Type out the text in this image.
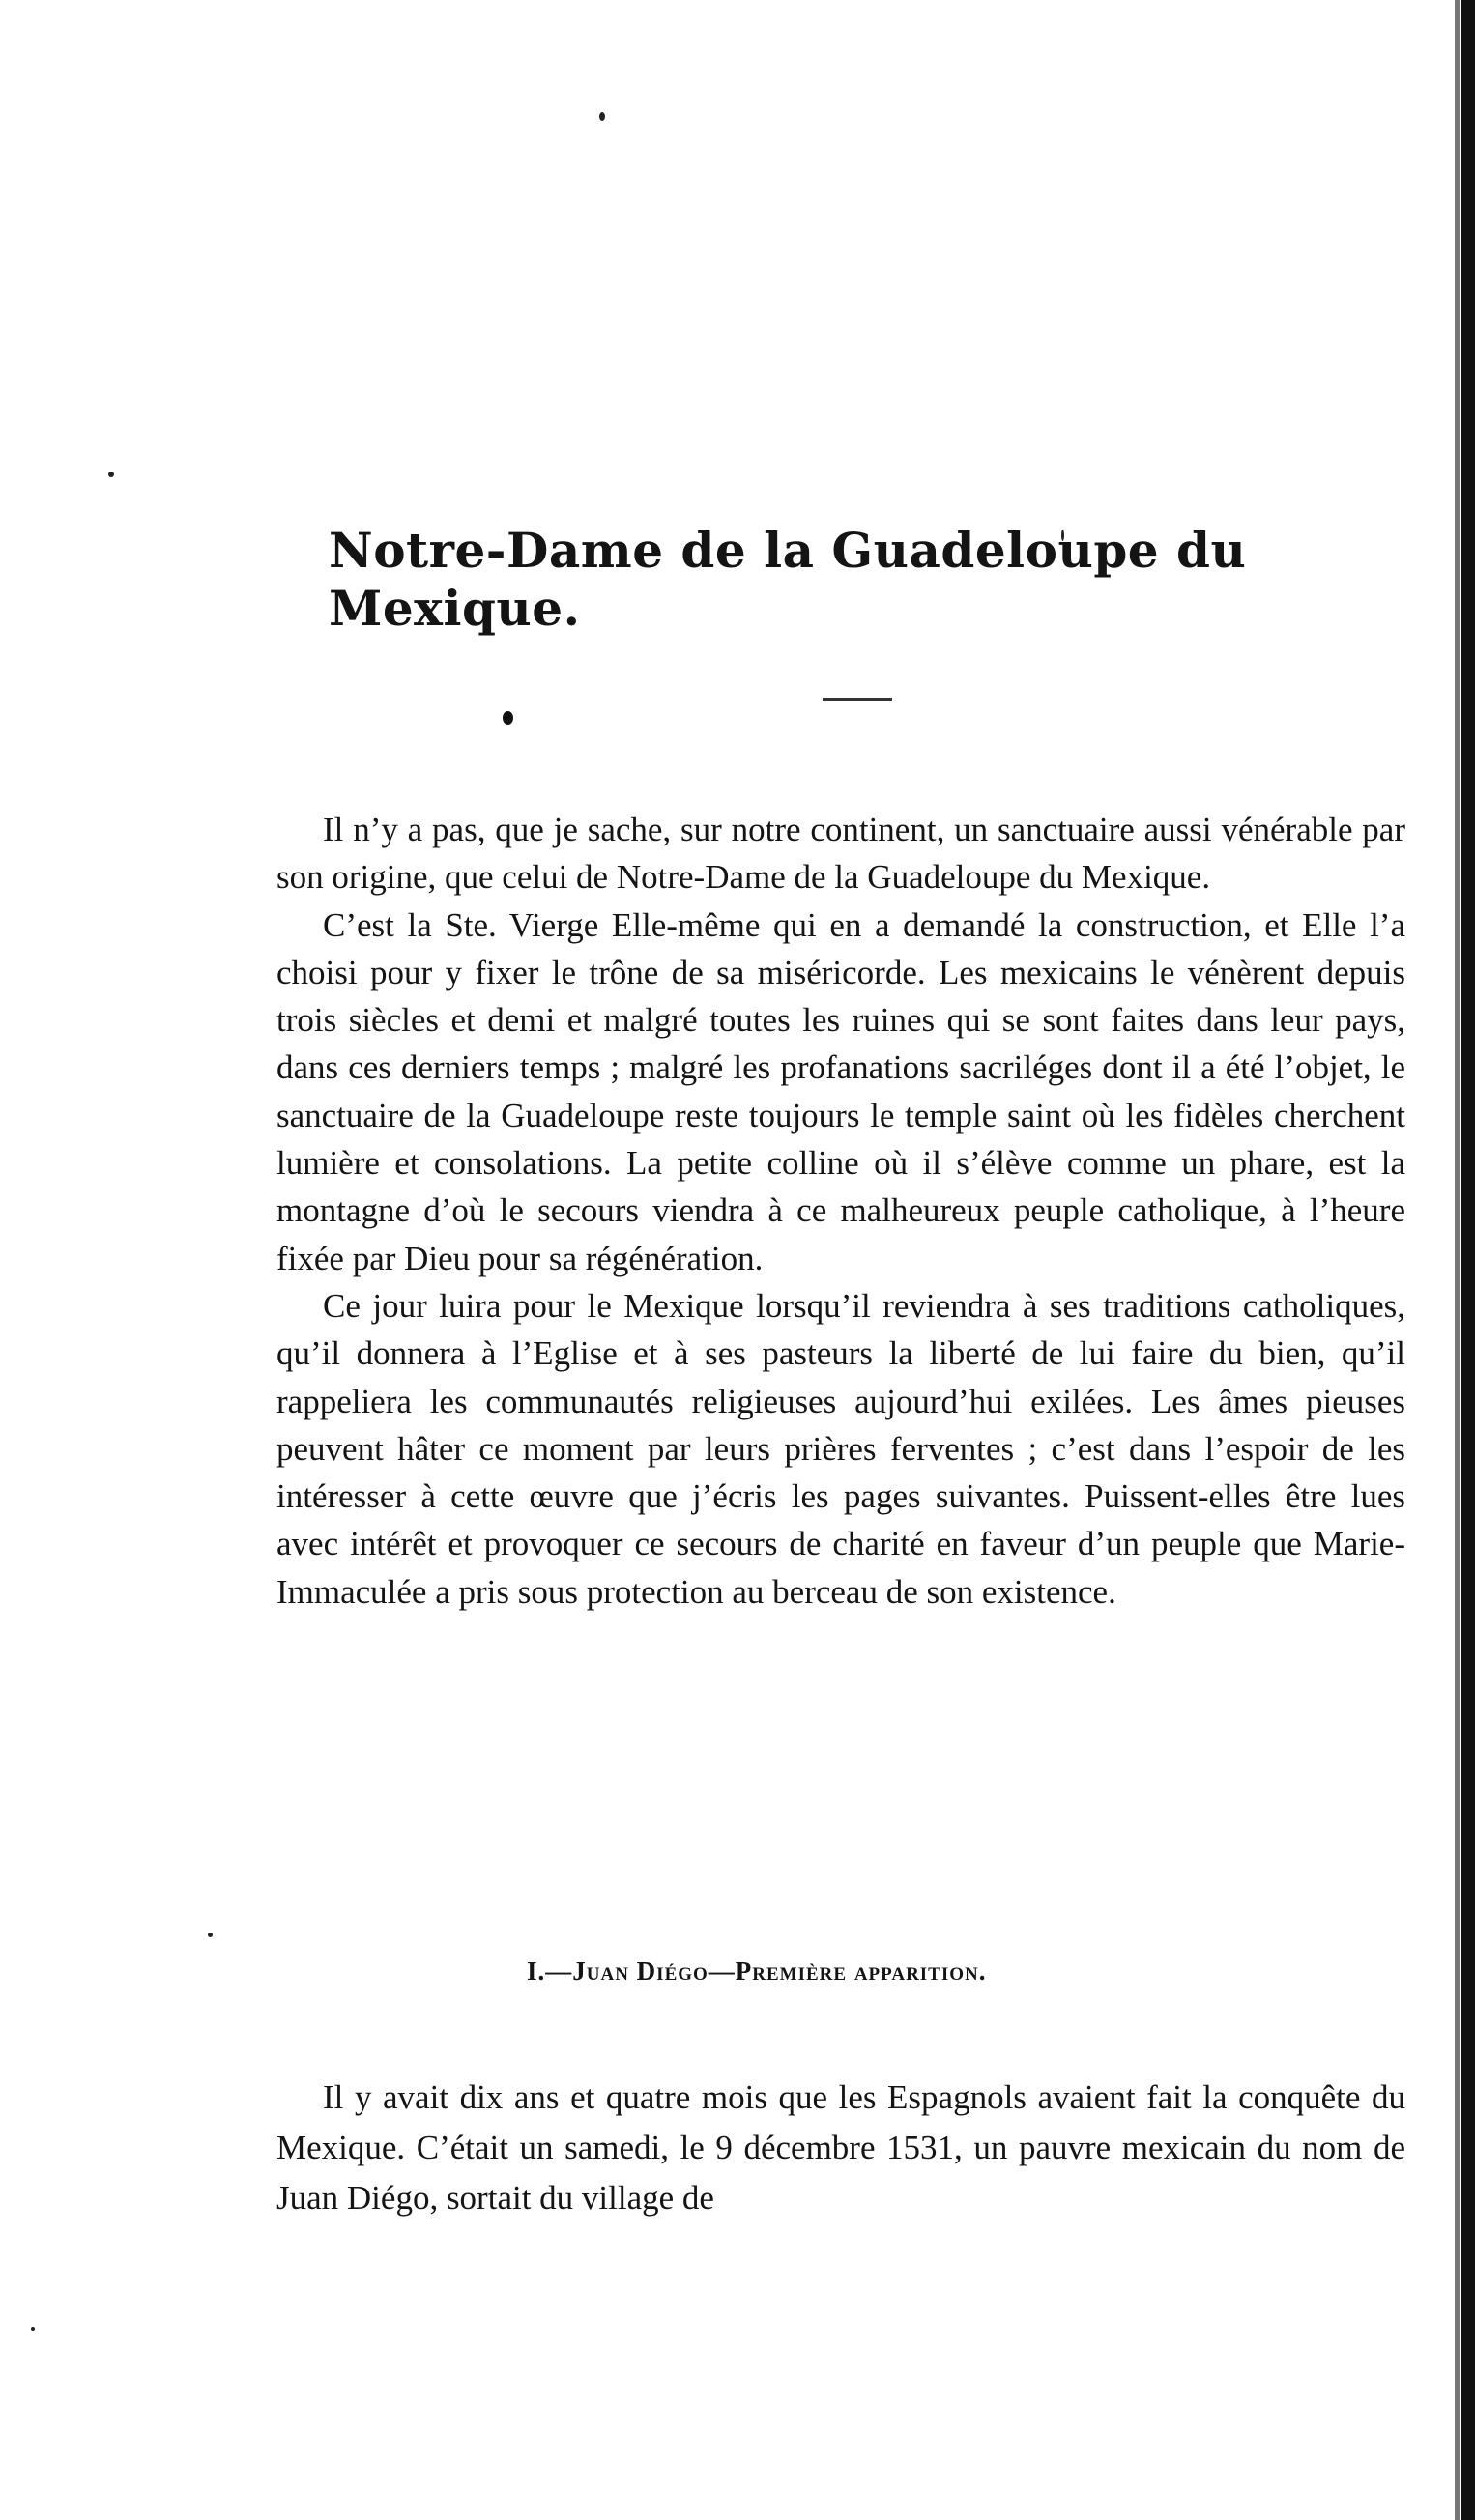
Notre-Dame de la Guadeloupe du Mexique.

Il n’y a pas, que je sache, sur notre continent, un sanctuaire aussi vénérable par son origine, que celui de Notre-Dame de la Guadeloupe du Mexique.

C’est la Ste. Vierge Elle-même qui en a demandé la construction, et Elle l’a choisi pour y fixer le trône de sa miséricorde. Les mexicains le vénèrent depuis trois siècles et demi et malgré toutes les ruines qui se sont faites dans leur pays, dans ces derniers temps ; malgré les profanations sacriléges dont il a été l’objet, le sanctuaire de la Guadeloupe reste toujours le temple saint où les fidèles cherchent lumière et consolations. La petite colline où il s’élève comme un phare, est la montagne d’où le secours viendra à ce malheureux peuple catholique, à l’heure fixée par Dieu pour sa régénération.

Ce jour luira pour le Mexique lorsqu’il reviendra à ses traditions catholiques, qu’il donnera à l’Eglise et à ses pasteurs la liberté de lui faire du bien, qu’il rappeliera les communautés religieuses aujourd’hui exilées. Les âmes pieuses peuvent hâter ce moment par leurs prières ferventes ; c’est dans l’espoir de les intéresser à cette œuvre que j’écris les pages suivantes. Puissent-elles être lues avec intérêt et provoquer ce secours de charité en faveur d’un peuple que Marie-Immaculée a pris sous protection au berceau de son existence.

I.—Juan Diégo—Première apparition.

Il y avait dix ans et quatre mois que les Espagnols avaient fait la conquête du Mexique. C’était un samedi, le 9 décembre 1531, un pauvre mexicain du nom de Juan Diégo, sortait du village de
